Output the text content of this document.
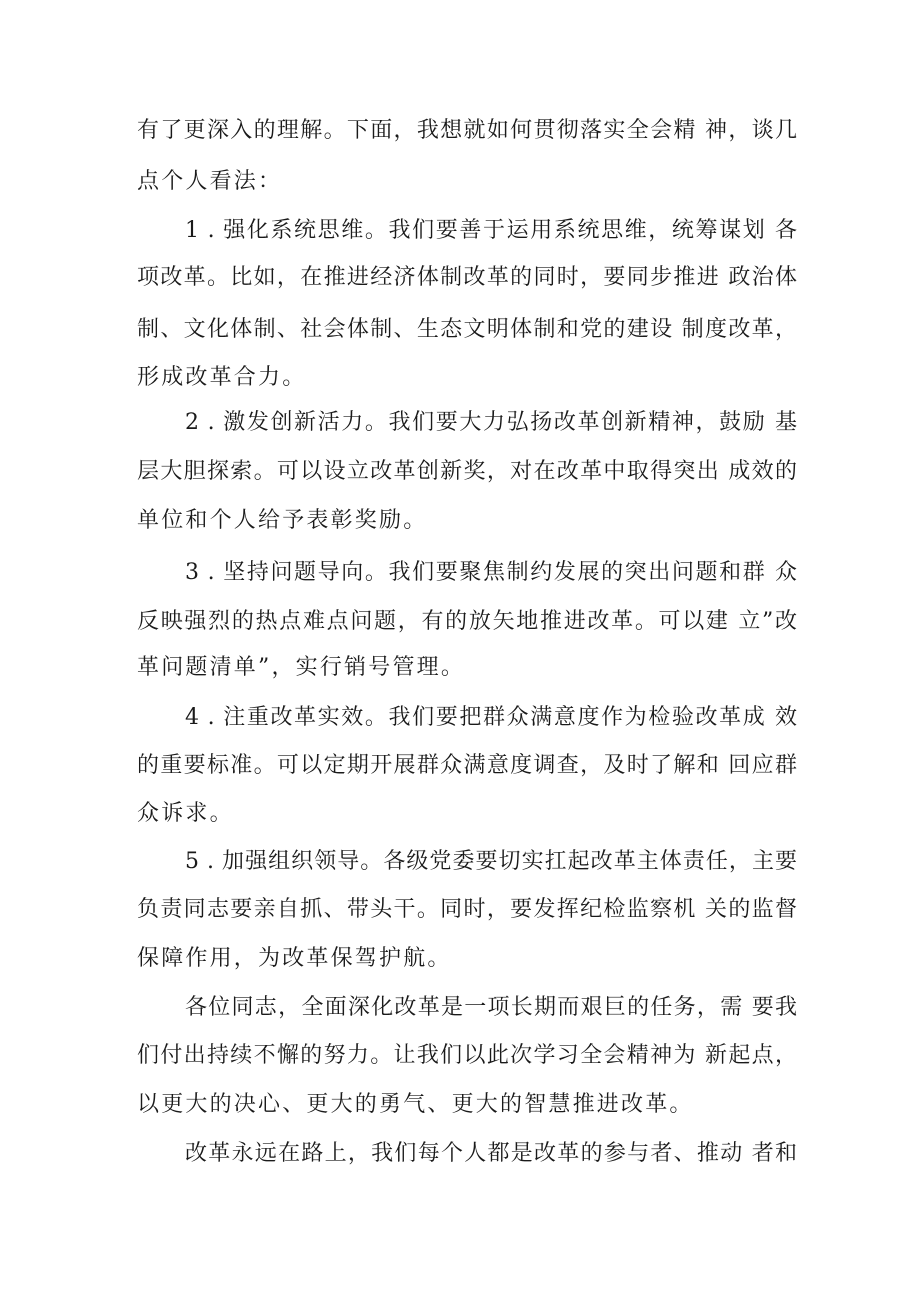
有了更深入的理解。下面，我想就如何贯彻落实全会精 神，谈几
点个人看法：
1 . 强化系统思维。我们要善于运用系统思维，统筹谋划 各
项改革。比如，在推进经济体制改革的同时，要同步推进 政治体
制、文化体制、社会体制、生态文明体制和党的建设 制度改革，
形成改革合力。
2 . 激发创新活力。我们要大力弘扬改革创新精神，鼓励 基
层大胆探索。可以设立改革创新奖，对在改革中取得突出 成效的
单位和个人给予表彰奖励。
3 . 坚持问题导向。我们要聚焦制约发展的突出问题和群 众
反映强烈的热点难点问题，有的放矢地推进改革。可以建 立”改
革问题清单”，实行销号管理。
4 . 注重改革实效。我们要把群众满意度作为检验改革成 效
的重要标准。可以定期开展群众满意度调查，及时了解和 回应群
众诉求。
5 . 加强组织领导。各级党委要切实扛起改革主体责任，主要
负责同志要亲自抓、带头干。同时，要发挥纪检监察机 关的监督
保障作用，为改革保驾护航。
各位同志，全面深化改革是一项长期而艰巨的任务，需 要我
们付出持续不懈的努力。让我们以此次学习全会精神为 新起点，
以更大的决心、更大的勇气、更大的智慧推进改革。
改革永远在路上，我们每个人都是改革的参与者、推动 者和
